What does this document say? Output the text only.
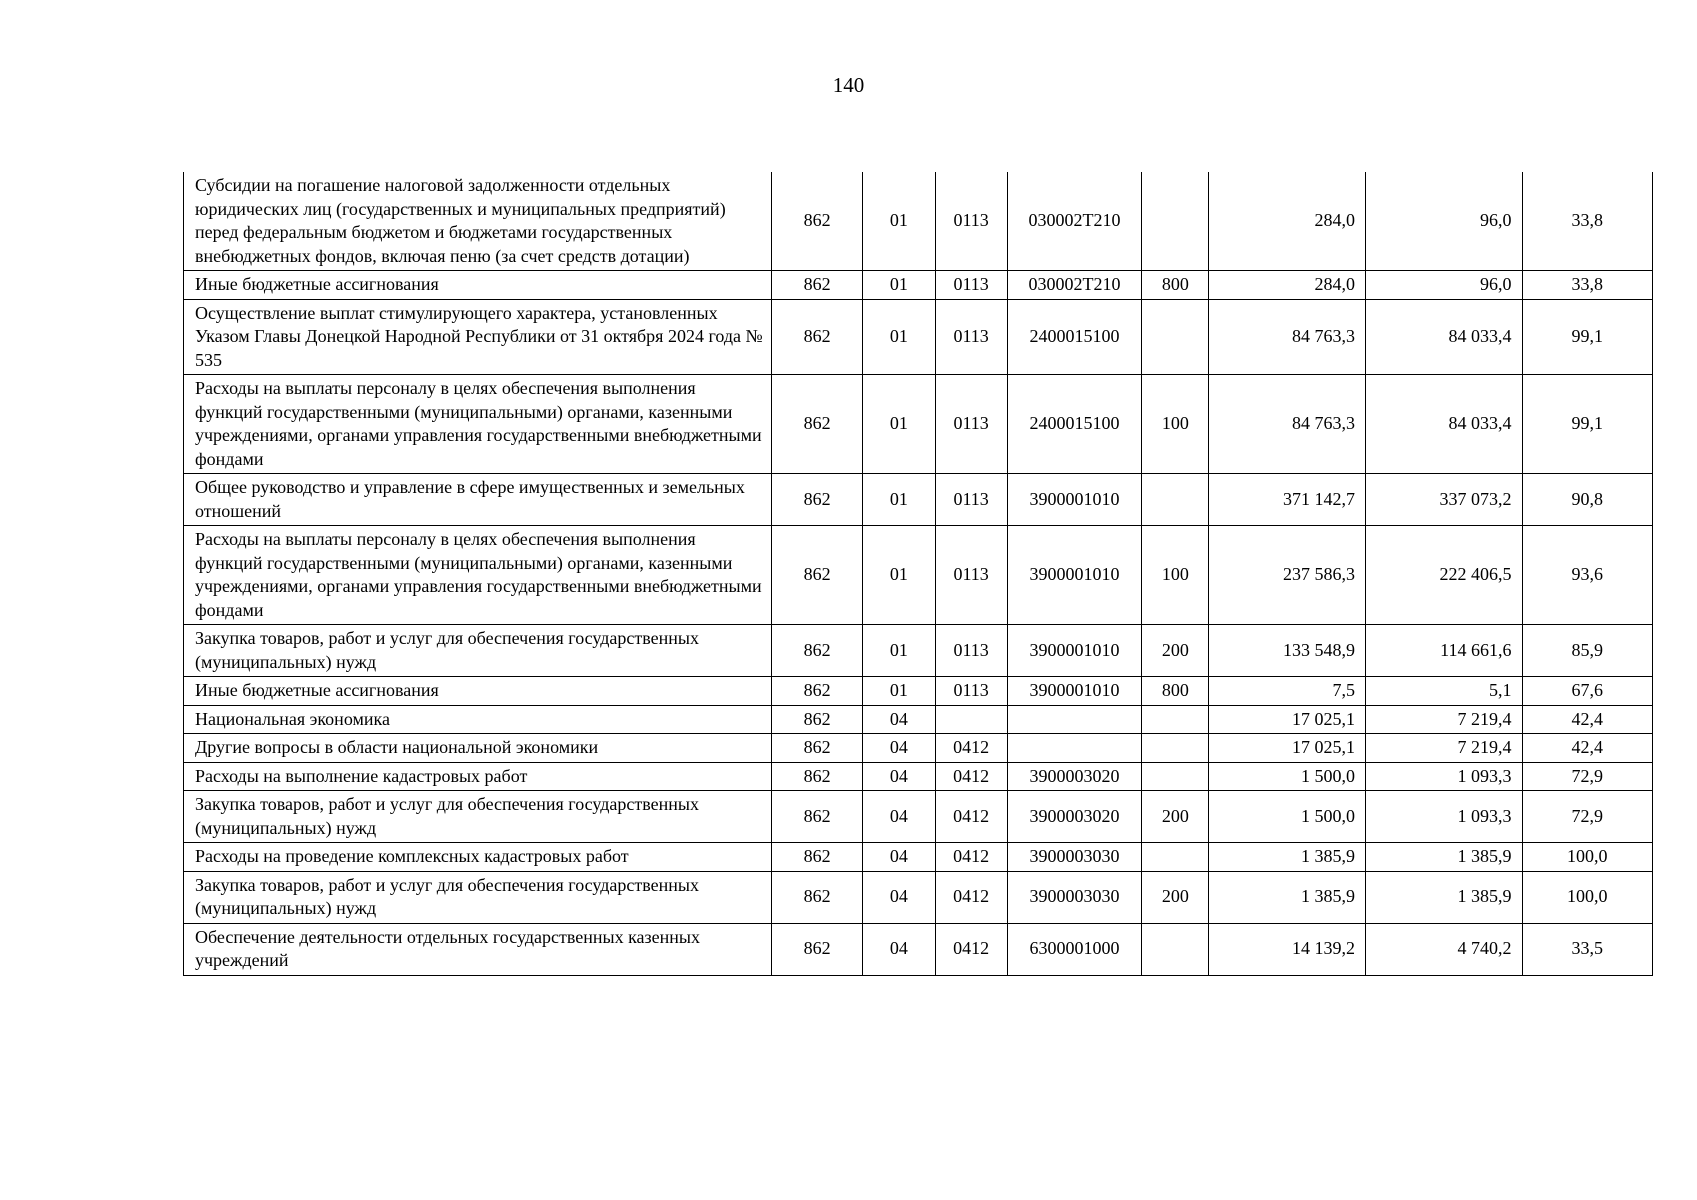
140
Субсидии на погашение налоговой задолженности отдельных юридических лиц (государственных и муниципальных предприятий) перед федеральным бюджетом и бюджетами государственных внебюджетных фондов, включая пеню (за счет средств дотации)	862	01	0113	030002T210		284,0	96,0	33,8
Иные бюджетные ассигнования	862	01	0113	030002T210	800	284,0	96,0	33,8
Осуществление выплат стимулирующего характера, установленных Указом Главы Донецкой Народной Республики от 31 октября 2024 года № 535	862	01	0113	2400015100		84 763,3	84 033,4	99,1
Расходы на выплаты персоналу в целях обеспечения выполнения функций государственными (муниципальными) органами, казенными учреждениями, органами управления государственными внебюджетными фондами	862	01	0113	2400015100	100	84 763,3	84 033,4	99,1
Общее руководство и управление в сфере имущественных и земельных отношений	862	01	0113	3900001010		371 142,7	337 073,2	90,8
Расходы на выплаты персоналу в целях обеспечения выполнения функций государственными (муниципальными) органами, казенными учреждениями, органами управления государственными внебюджетными фондами	862	01	0113	3900001010	100	237 586,3	222 406,5	93,6
Закупка товаров, работ и услуг для обеспечения государственных (муниципальных) нужд	862	01	0113	3900001010	200	133 548,9	114 661,6	85,9
Иные бюджетные ассигнования	862	01	0113	3900001010	800	7,5	5,1	67,6
Национальная экономика	862	04				17 025,1	7 219,4	42,4
Другие вопросы в области национальной экономики	862	04	0412			17 025,1	7 219,4	42,4
Расходы на выполнение кадастровых работ	862	04	0412	3900003020		1 500,0	1 093,3	72,9
Закупка товаров, работ и услуг для обеспечения государственных (муниципальных) нужд	862	04	0412	3900003020	200	1 500,0	1 093,3	72,9
Расходы на проведение комплексных кадастровых работ	862	04	0412	3900003030		1 385,9	1 385,9	100,0
Закупка товаров, работ и услуг для обеспечения государственных (муниципальных) нужд	862	04	0412	3900003030	200	1 385,9	1 385,9	100,0
Обеспечение деятельности отдельных государственных казенных учреждений	862	04	0412	6300001000		14 139,2	4 740,2	33,5
